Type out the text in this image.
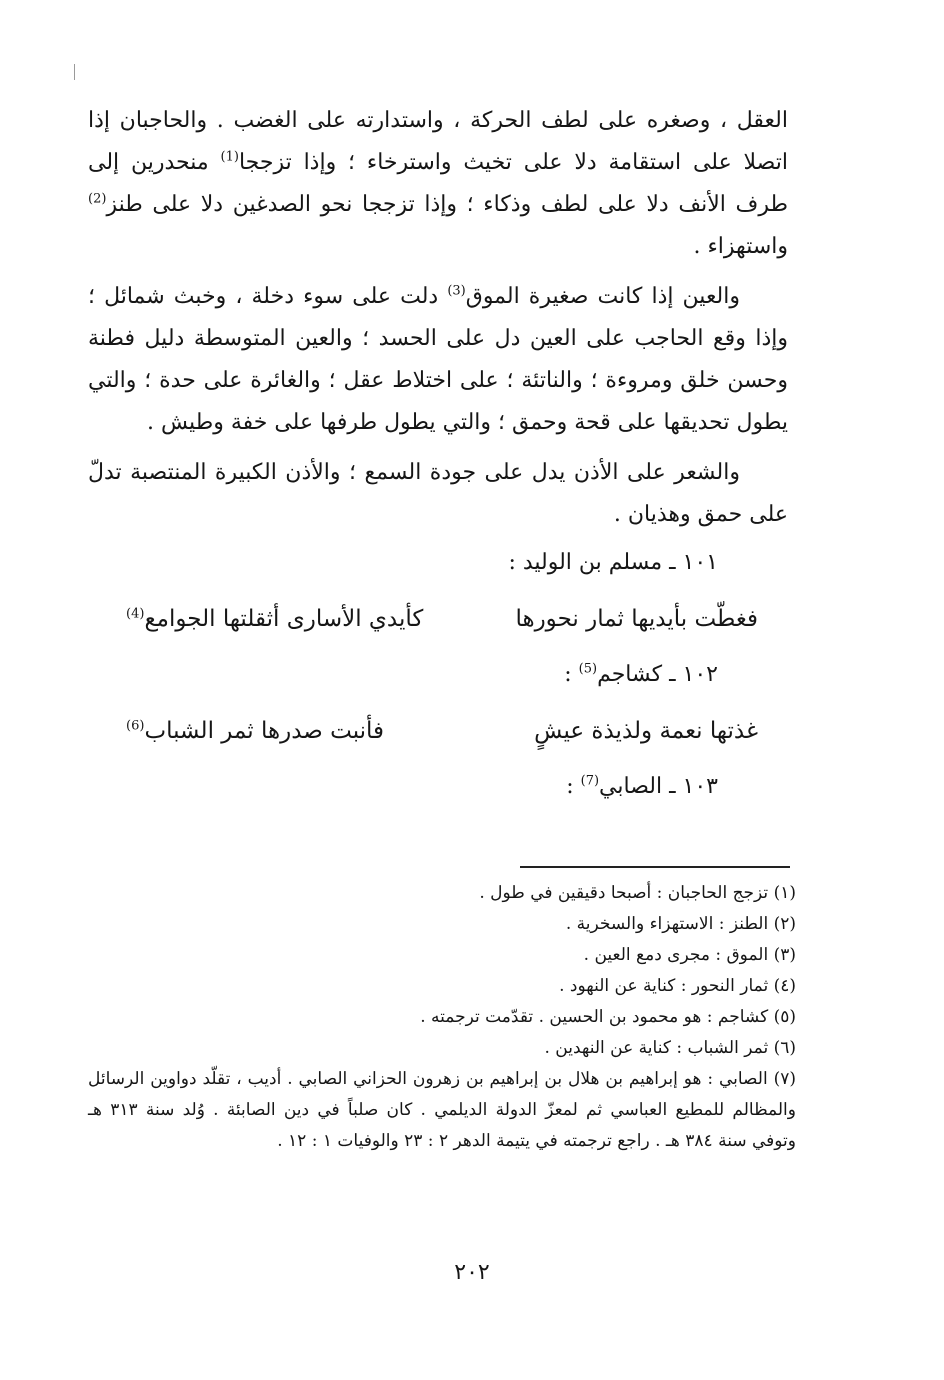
العقل ، وصغره على لطف الحركة ، واستدارته على الغضب . والحاجبان إذا اتصلا على استقامة دلا على تخيث واسترخاء ؛ وإذا تزججا$^{(1)}$ منحدرين إلى طرف الأنف دلا على لطف وذكاء ؛ وإذا تزججا نحو الصدغين دلا على طنز$^{(2)}$ واستهزاء .

والعين إذا كانت صغيرة الموق$^{(3)}$ دلت على سوء دخلة ، وخبث شمائل ؛ وإذا وقع الحاجب على العين دل على الحسد ؛ والعين المتوسطة دليل فطنة وحسن خلق ومروءة ؛ والناتئة ؛ على اختلاط عقل ؛ والغائرة على حدة ؛ والتي يطول تحديقها على قحة وحمق ؛ والتي يطول طرفها على خفة وطيش .

والشعر على الأذن يدل على جودة السمع ؛ والأذن الكبيرة المنتصبة تدلّ على حمق وهذيان .

١٠١ ـ مسلم بن الوليد :

فغطّت بأيديها ثمار نحورها
كأيدي الأسارى أثقلتها الجوامع$^{(4)}$

١٠٢ ـ كشاجم$^{(5)}$ :

غذتها نعمة ولذيذة عيشٍ
فأنبت صدرها ثمر الشباب$^{(6)}$

١٠٣ ـ الصابي$^{(7)}$ :

(١) تزجج الحاجبان : أصبحا دقيقين في طول .

(٢) الطنز : الاستهزاء والسخرية .

(٣) الموق : مجرى دمع العين .

(٤) ثمار النحور : كناية عن النهود .

(٥) كشاجم : هو محمود بن الحسين . تقدّمت ترجمته .

(٦) ثمر الشباب : كناية عن النهدين .

(٧) الصابي : هو إبراهيم بن هلال بن إبراهيم بن زهرون الحزاني الصابي . أديب ، تقلّد دواوين الرسائل والمظالم للمطيع العباسي ثم لمعزّ الدولة الديلمي . كان صلباً في دين الصابئة . وُلد سنة ٣١٣ هـ وتوفي سنة ٣٨٤ هـ . راجع ترجمته في يتيمة الدهر ٢ : ٢٣ والوفيات ١ : ١٢ .

٢٠٢
